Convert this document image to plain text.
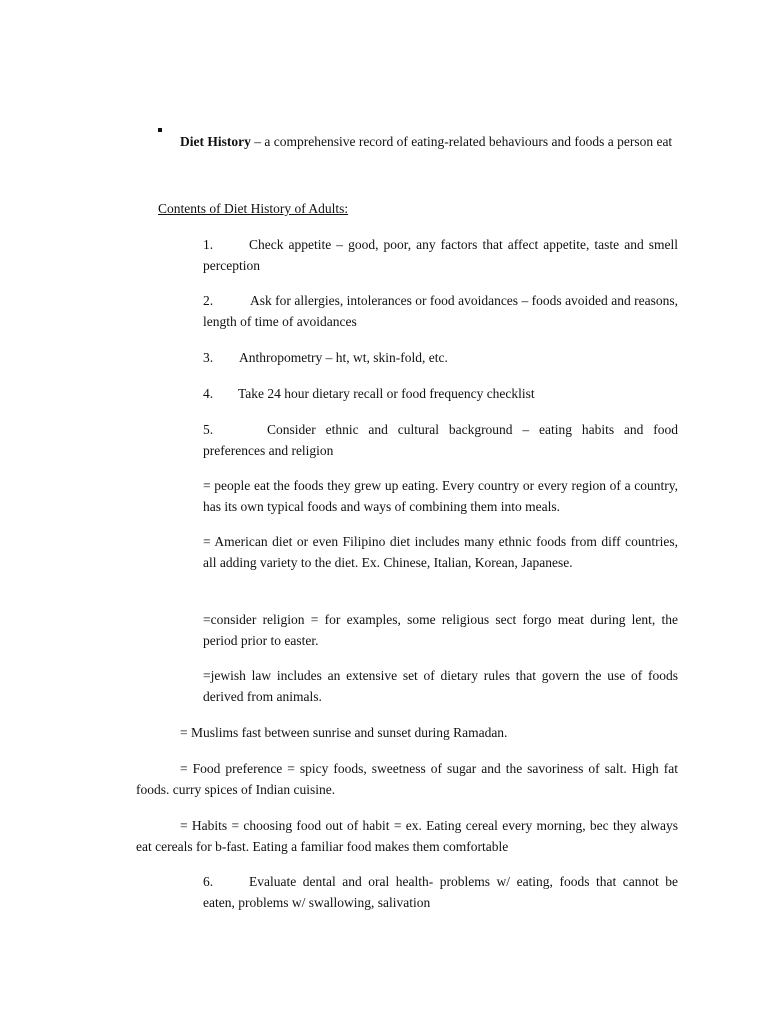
Diet History – a comprehensive record of eating-related behaviours and foods a person eat

Contents of Diet History of Adults:

1.	Check appetite – good, poor, any factors that affect appetite, taste and smell perception

2.	Ask for allergies, intolerances or food avoidances – foods avoided and reasons, length of time of avoidances

3. Anthropometry – ht, wt, skin-fold, etc.

4. Take 24 hour dietary recall or food frequency checklist

5.	Consider ethnic and cultural background – eating habits and food preferences and religion

= people eat the foods they grew up eating. Every country or every region of a country, has its own typical foods and ways of combining them into meals.

= American diet or even Filipino diet includes many ethnic foods from diff countries, all adding variety to the diet. Ex. Chinese, Italian, Korean, Japanese.

=consider religion = for examples, some religious sect forgo meat during lent, the period prior to easter.

=jewish law includes an extensive set of dietary rules that govern the use of foods derived from animals.

= Muslims fast between sunrise and sunset during Ramadan.

= Food preference = spicy foods, sweetness of sugar and the savoriness of salt. High fat foods. curry spices of Indian cuisine.

= Habits = choosing food out of habit = ex. Eating cereal every morning, bec they always eat cereals for b-fast. Eating a familiar food makes them comfortable

6.	Evaluate dental and oral health- problems w/ eating, foods that cannot be eaten, problems w/ swallowing, salivation
